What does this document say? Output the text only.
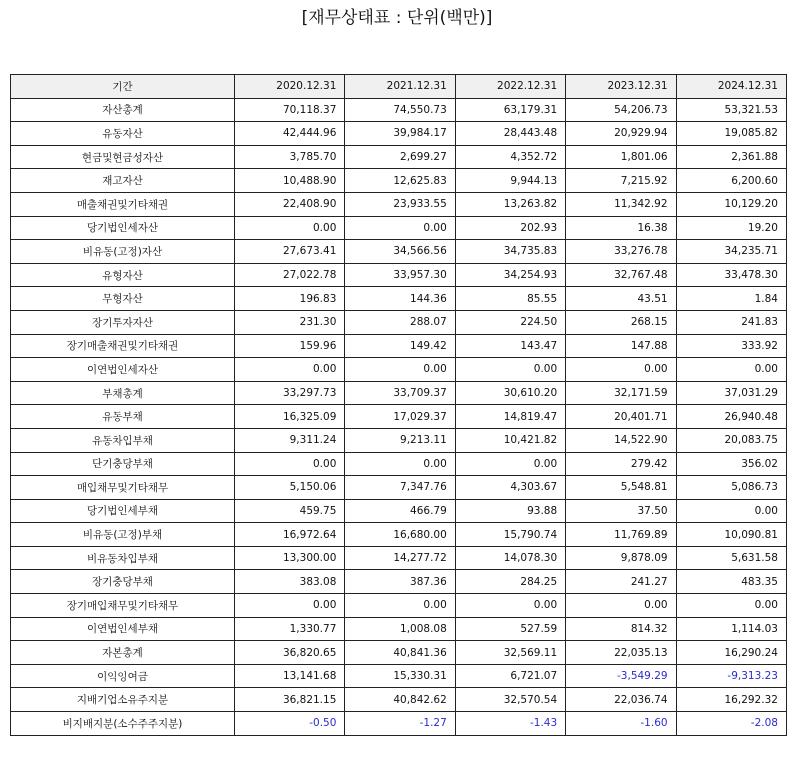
[재무상태표 : 단위(백만)]
기간	2020.12.31	2021.12.31	2022.12.31	2023.12.31	2024.12.31
자산총계	70,118.37	74,550.73	63,179.31	54,206.73	53,321.53
유동자산	42,444.96	39,984.17	28,443.48	20,929.94	19,085.82
현금및현금성자산	3,785.70	2,699.27	4,352.72	1,801.06	2,361.88
재고자산	10,488.90	12,625.83	9,944.13	7,215.92	6,200.60
매출채권및기타채권	22,408.90	23,933.55	13,263.82	11,342.92	10,129.20
당기법인세자산	0.00	0.00	202.93	16.38	19.20
비유동(고정)자산	27,673.41	34,566.56	34,735.83	33,276.78	34,235.71
유형자산	27,022.78	33,957.30	34,254.93	32,767.48	33,478.30
무형자산	196.83	144.36	85.55	43.51	1.84
장기투자자산	231.30	288.07	224.50	268.15	241.83
장기매출채권및기타채권	159.96	149.42	143.47	147.88	333.92
이연법인세자산	0.00	0.00	0.00	0.00	0.00
부채총계	33,297.73	33,709.37	30,610.20	32,171.59	37,031.29
유동부채	16,325.09	17,029.37	14,819.47	20,401.71	26,940.48
유동차입부채	9,311.24	9,213.11	10,421.82	14,522.90	20,083.75
단기충당부채	0.00	0.00	0.00	279.42	356.02
매입채무및기타채무	5,150.06	7,347.76	4,303.67	5,548.81	5,086.73
당기법인세부채	459.75	466.79	93.88	37.50	0.00
비유동(고정)부채	16,972.64	16,680.00	15,790.74	11,769.89	10,090.81
비유동차입부채	13,300.00	14,277.72	14,078.30	9,878.09	5,631.58
장기충당부채	383.08	387.36	284.25	241.27	483.35
장기매입채무및기타채무	0.00	0.00	0.00	0.00	0.00
이연법인세부채	1,330.77	1,008.08	527.59	814.32	1,114.03
자본총계	36,820.65	40,841.36	32,569.11	22,035.13	16,290.24
이익잉여금	13,141.68	15,330.31	6,721.07	-3,549.29	-9,313.23
지배기업소유주지분	36,821.15	40,842.62	32,570.54	22,036.74	16,292.32
비지배지분(소수주주지분)	-0.50	-1.27	-1.43	-1.60	-2.08
